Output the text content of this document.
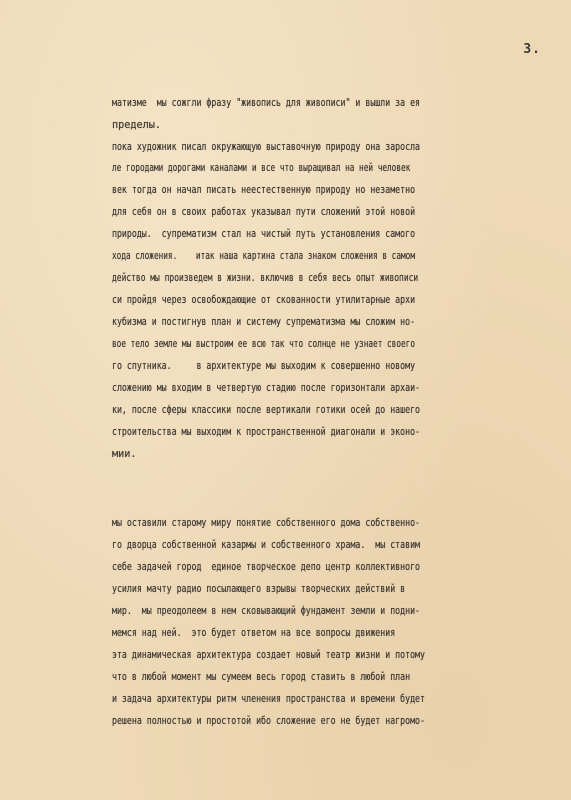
3.
матизме  мы сожгли фразу "живопись для живописи" и вышли за ея
пределы.
пока художник писал окружающую выставочную природу она заросла
ле городами дорогами каналами и все что выращивал на ней человек
век тогда он начал писать неестественную природу но незаметно
для себя он в своих работах указывал пути сложений этой новой
природы.  супрематизм стал на чистый путь установления самого
хода сложения.    итак наша картина стала знаком сложения в самом
действо мы произведем в жизни. включив в себя весь опыт живописи
си пройдя через освобождающие от скованности утилитарные архи
кубизма и постигнув план и систему супрематизма мы сложим но-
вое тело земле мы выстроим ее всю так что солнце не узнает своего
го спутника.     в архитектуре мы выходим к совершенно новому
сложению мы входим в четвертую стадию после горизонтали архаи-
ки, после сферы классики после вертикали готики осей до нашего
строительства мы выходим к пространственной диагонали и эконо-
мии.
мы оставили старому миру понятие собственного дома собственно-
го дворца собственной казармы и собственного храма.  мы ставим
себе задачей город  единое творческое депо центр коллективного
усилия мачту радио посылающего взрывы творческих действий в
мир.  мы преодолеем в нем сковывающий фундамент земли и подни-
мемся над ней.  это будет ответом на все вопросы движения
эта динамическая архитектура создает новый театр жизни и потому
что в любой момент мы сумеем весь город ставить в любой план
и задача архитектуры ритм членения пространства и времени будет
решена полностью и простотой ибо сложение его не будет нагромо-
